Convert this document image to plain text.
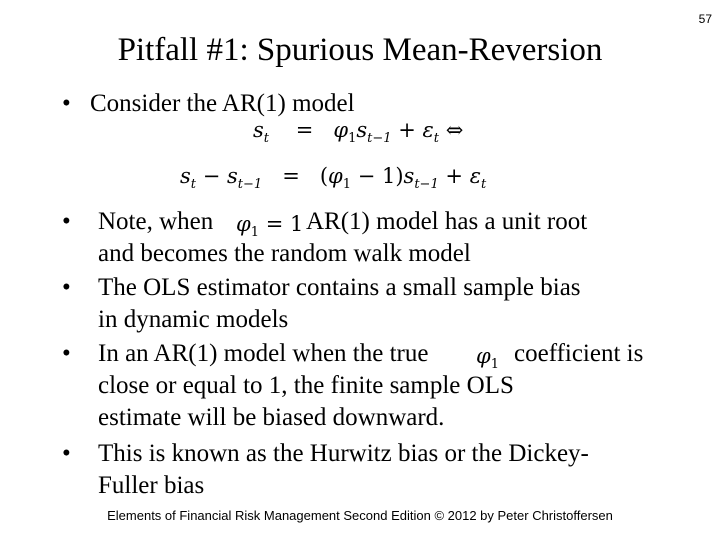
57
Pitfall #1: Spurious Mean-Reversion
• Consider the AR(1) model
$s_t = \varphi_1s_{t-1} + \varepsilon_t$ ⇔
$s_t - s_{t-1} = (\varphi_1 - 1)s_{t-1} + \varepsilon_t$
•	Note, when $\varphi_1 = 1$ AR(1) model has a unit root
and becomes the random walk model
•	The OLS estimator contains a small sample bias
in dynamic models
•	In an AR(1) model when the true $\varphi_1$ coefficient is
close or equal to 1, the finite sample OLS
estimate will be biased downward.
•	This is known as the Hurwitz bias or the Dickey-
Fuller bias
Elements of Financial Risk Management Second Edition © 2012 by Peter Christoffersen
